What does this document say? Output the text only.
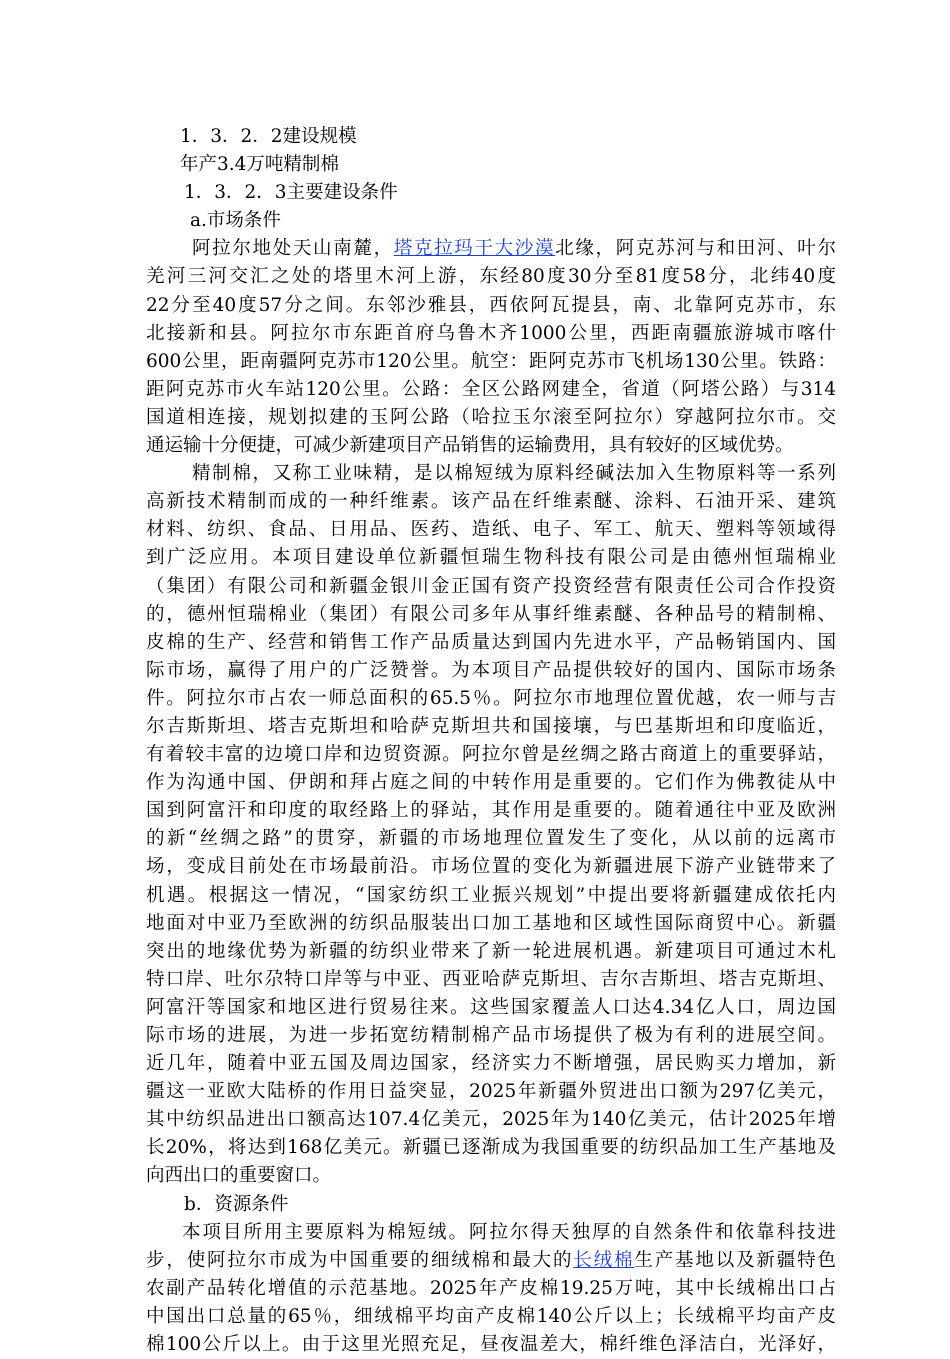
1．3．2．2建设规模
年产3.4万吨精制棉
1．3．2．3主要建设条件
a.市场条件
阿拉尔地处天山南麓，塔克拉玛干大沙漠北缘，阿克苏河与和田河、叶尔
羌河三河交汇之处的塔里木河上游，东经80度30分至81度58分，北纬40度
22分至40度57分之间。东邻沙雅县，西依阿瓦提县，南、北靠阿克苏市，东
北接新和县。阿拉尔市东距首府乌鲁木齐1000公里，西距南疆旅游城市喀什
600公里，距南疆阿克苏市120公里。航空：距阿克苏市飞机场130公里。铁路：
距阿克苏市火车站120公里。公路：全区公路网建全，省道（阿塔公路）与314
国道相连接，规划拟建的玉阿公路（哈拉玉尔滚至阿拉尔）穿越阿拉尔市。交
通运输十分便捷，可减少新建项目产品销售的运输费用，具有较好的区域优势。
精制棉，又称工业味精，是以棉短绒为原料经碱法加入生物原料等一系列
高新技术精制而成的一种纤维素。该产品在纤维素醚、涂料、石油开采、建筑
材料、纺织、食品、日用品、医药、造纸、电子、军工、航天、塑料等领域得
到广泛应用。本项目建设单位新疆恒瑞生物科技有限公司是由德州恒瑞棉业
（集团）有限公司和新疆金银川金正国有资产投资经营有限责任公司合作投资
的，德州恒瑞棉业（集团）有限公司多年从事纤维素醚、各种品号的精制棉、
皮棉的生产、经营和销售工作产品质量达到国内先进水平，产品畅销国内、国
际市场，赢得了用户的广泛赞誉。为本项目产品提供较好的国内、国际市场条
件。阿拉尔市占农一师总面积的65.5％。阿拉尔市地理位置优越，农一师与吉
尔吉斯斯坦、塔吉克斯坦和哈萨克斯坦共和国接壤，与巴基斯坦和印度临近，
有着较丰富的边境口岸和边贸资源。阿拉尔曾是丝绸之路古商道上的重要驿站，
作为沟通中国、伊朗和拜占庭之间的中转作用是重要的。它们作为佛教徒从中
国到阿富汗和印度的取经路上的驿站，其作用是重要的。随着通往中亚及欧洲
的新“丝绸之路”的贯穿，新疆的市场地理位置发生了变化，从以前的远离市
场，变成目前处在市场最前沿。市场位置的变化为新疆进展下游产业链带来了
机遇。根据这一情况，“国家纺织工业振兴规划”中提出要将新疆建成依托内
地面对中亚乃至欧洲的纺织品服装出口加工基地和区域性国际商贸中心。新疆
突出的地缘优势为新疆的纺织业带来了新一轮进展机遇。新建项目可通过木札
特口岸、吐尔尕特口岸等与中亚、西亚哈萨克斯坦、吉尔吉斯坦、塔吉克斯坦、
阿富汗等国家和地区进行贸易往来。这些国家覆盖人口达4.34亿人口，周边国
际市场的进展，为进一步拓宽纺精制棉产品市场提供了极为有利的进展空间。
近几年，随着中亚五国及周边国家，经济实力不断增强，居民购买力增加，新
疆这一亚欧大陆桥的作用日益突显，2025年新疆外贸进出口额为297亿美元，
其中纺织品进出口额高达107.4亿美元，2025年为140亿美元，估计2025年增
长20%，将达到168亿美元。新疆已逐渐成为我国重要的纺织品加工生产基地及
向西出口的重要窗口。
b．资源条件
本项目所用主要原料为棉短绒。阿拉尔得天独厚的自然条件和依靠科技进
步，使阿拉尔市成为中国重要的细绒棉和最大的长绒棉生产基地以及新疆特色
农副产品转化增值的示范基地。2025年产皮棉19.25万吨，其中长绒棉出口占
中国出口总量的65％，细绒棉平均亩产皮棉140公斤以上；长绒棉平均亩产皮
棉100公斤以上。由于这里光照充足，昼夜温差大，棉纤维色泽洁白，光泽好，
